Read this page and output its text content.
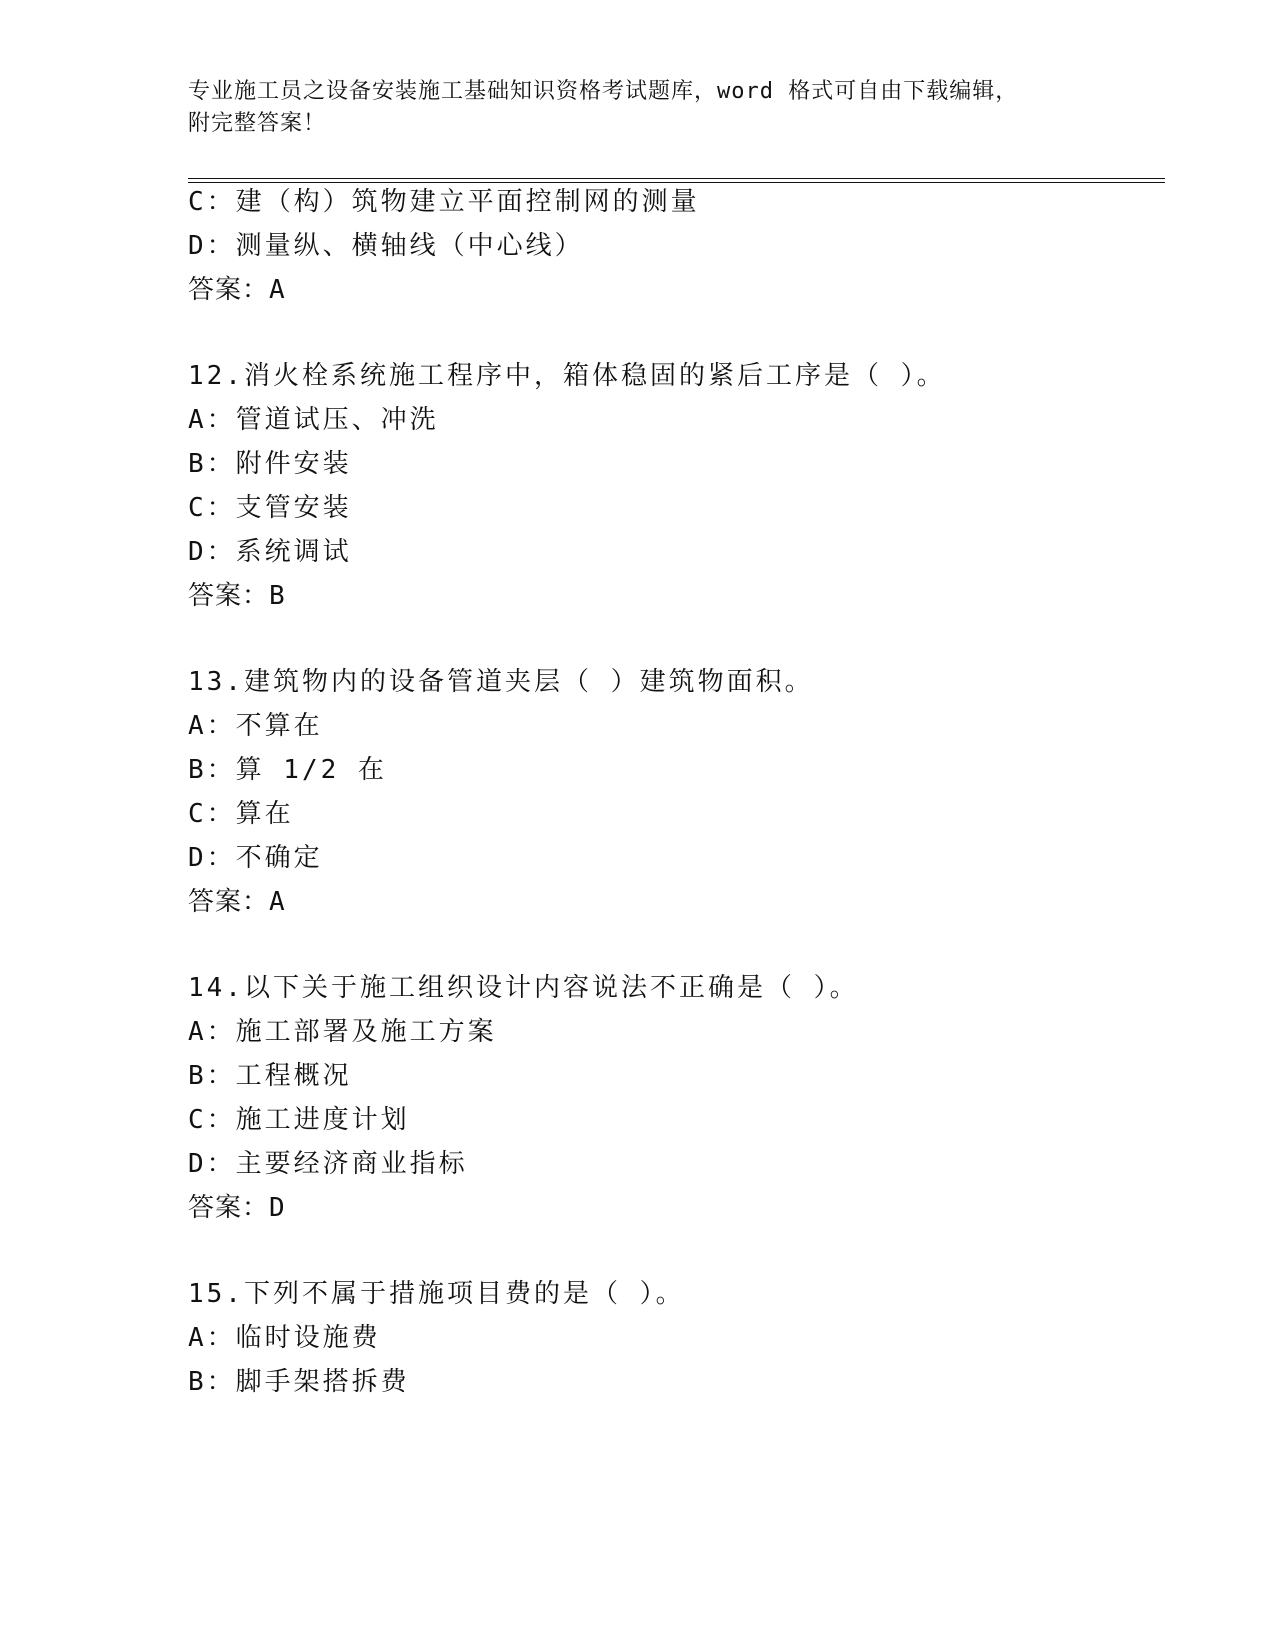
专业施工员之设备安装施工基础知识资格考试题库，word 格式可自由下载编辑，
附完整答案！
C：建（构）筑物建立平面控制网的测量
D：测量纵、横轴线（中心线）
答案：A
12.消火栓系统施工程序中，箱体稳固的紧后工序是（ ）。
A：管道试压、冲洗
B：附件安装
C：支管安装
D：系统调试
答案：B
13.建筑物内的设备管道夹层（ ）建筑物面积。
A：不算在
B：算 1/2 在
C：算在
D：不确定
答案：A
14.以下关于施工组织设计内容说法不正确是（ ）。
A：施工部署及施工方案
B：工程概况
C：施工进度计划
D：主要经济商业指标
答案：D
15.下列不属于措施项目费的是（ ）。
A：临时设施费
B：脚手架搭拆费
